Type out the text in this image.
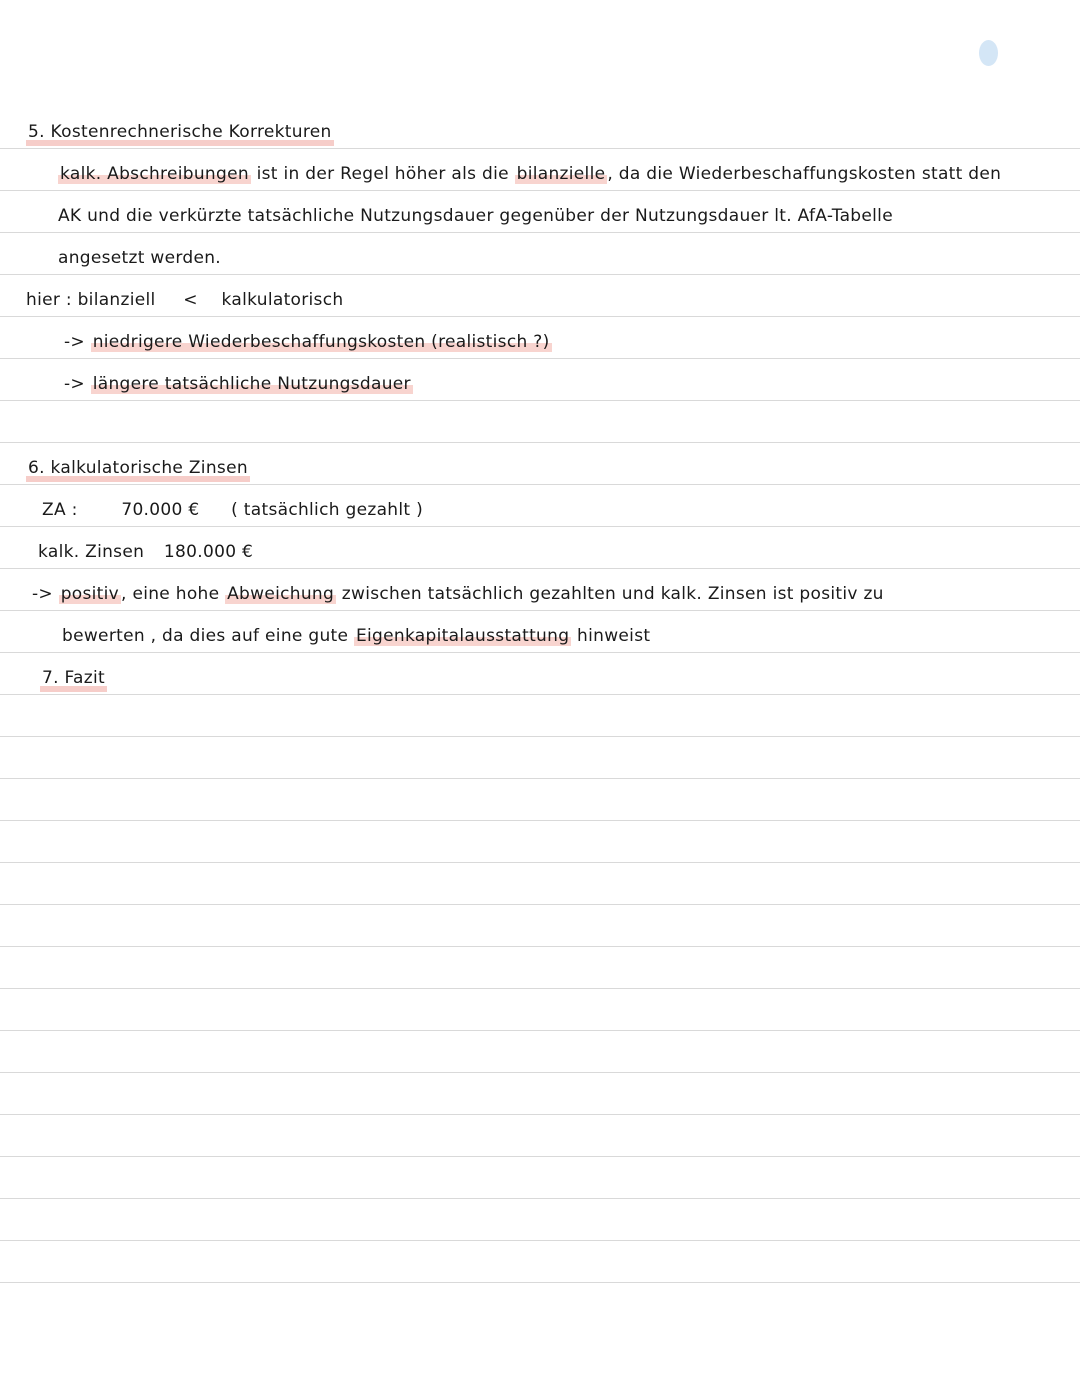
5. Kostenrechnerische Korrekturen
kalk. Abschreibungen ist in der Regel höher als die bilanzielle , da die Wiederbeschaffungskosten statt den
AK und die verkürzte tatsächliche Nutzungsdauer gegenüber der Nutzungsdauer lt. AfA-Tabelle
angesetzt werden.
hier : bilanziell < kalkulatorisch
-> niedrigere Wiederbeschaffungskosten (realistisch ?)
-> längere tatsächliche Nutzungsdauer
6. kalkulatorische Zinsen
ZA :	70.000 € ( tatsächlich gezahlt )
kalk. Zinsen 180.000 €
-> positiv , eine hohe Abweichung zwischen tatsächlich gezahlten und kalk. Zinsen ist positiv zu
bewerten , da dies auf eine gute Eigenkapitalausstattung hinweist
7. Fazit
